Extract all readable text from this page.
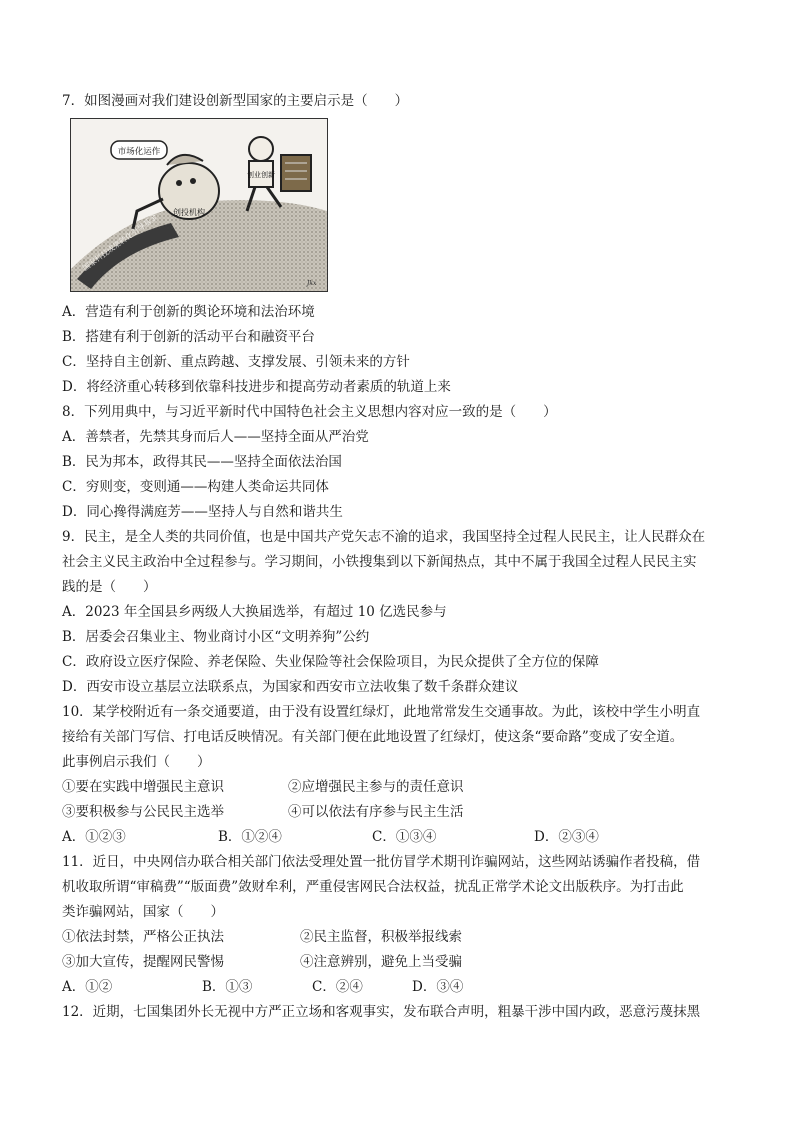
7．如图漫画对我们建设创新型国家的主要启示是（　　）
市场化运作
创投机构
创业创新
国家科技成果转化引导基金
Jkx
A．营造有利于创新的舆论环境和法治环境
B．搭建有利于创新的活动平台和融资平台
C．坚持自主创新、重点跨越、支撑发展、引领未来的方针
D．将经济重心转移到依靠科技进步和提高劳动者素质的轨道上来
8．下列用典中，与习近平新时代中国特色社会主义思想内容对应一致的是（　　）
A．善禁者，先禁其身而后人——坚持全面从严治党
B．民为邦本，政得其民——坚持全面依法治国
C．穷则变，变则通——构建人类命运共同体
D．同心搀得满庭芳——坚持人与自然和谐共生
9．民主，是全人类的共同价值，也是中国共产党矢志不渝的追求，我国坚持全过程人民民主，让人民群众在
社会主义民主政治中全过程参与。学习期间，小铁搜集到以下新闻热点，其中不属于我国全过程人民民主实
践的是（　　）
A．2023 年全国县乡两级人大换届选举，有超过 10 亿选民参与
B．居委会召集业主、物业商讨小区“文明养狗”公约
C．政府设立医疗保险、养老保险、失业保险等社会保险项目，为民众提供了全方位的保障
D．西安市设立基层立法联系点，为国家和西安市立法收集了数千条群众建议
10．某学校附近有一条交通要道，由于没有设置红绿灯，此地常常发生交通事故。为此，该校中学生小明直
接给有关部门写信、打电话反映情况。有关部门便在此地设置了红绿灯，使这条“要命路”变成了安全道。
此事例启示我们（　　）
①要在实践中增强民主意识	②应增强民主参与的责任意识
③要积极参与公民民主选举	④可以依法有序参与民主生活
A．①②③	B．①②④	C．①③④	D．②③④
11．近日，中央网信办联合相关部门依法受理处置一批仿冒学术期刊诈骗网站，这些网站诱骗作者投稿，借
机收取所谓“审稿费”“版面费”敛财牟利，严重侵害网民合法权益，扰乱正常学术论文出版秩序。为打击此
类诈骗网站，国家（　　）
①依法封禁，严格公正执法	②民主监督，积极举报线索
③加大宣传，提醒网民警惕	④注意辨别，避免上当受骗
A．①②	B．①③	C．②④	D．③④
12．近期，七国集团外长无视中方严正立场和客观事实，发布联合声明，粗暴干涉中国内政，恶意污蔑抹黑
